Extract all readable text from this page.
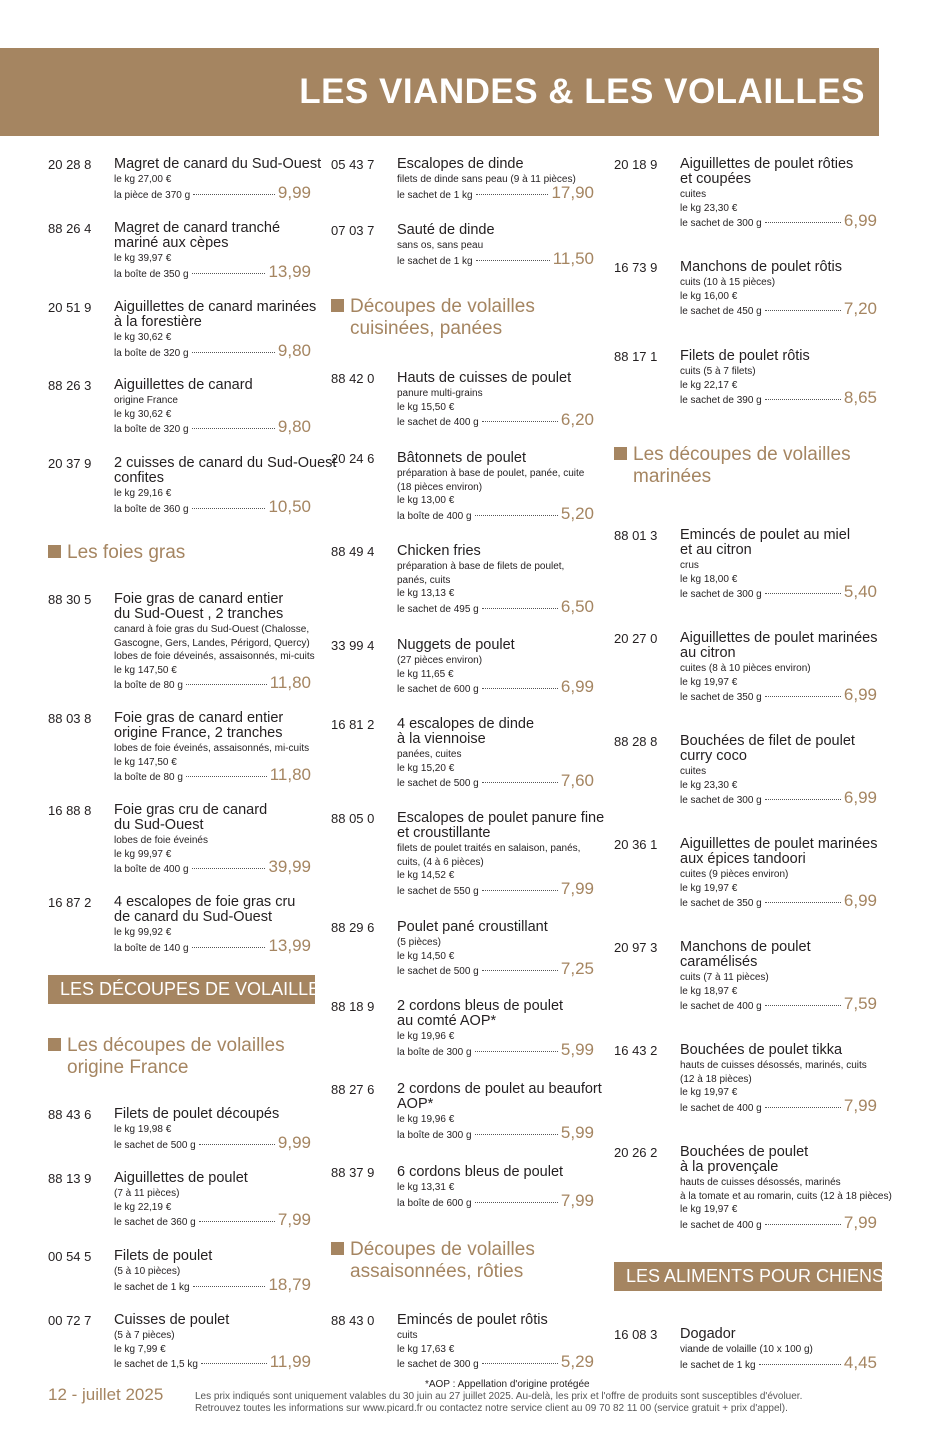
LES VIANDES & LES VOLAILLES
20 28 8 Magret de canard du Sud-Ouest
le kg 27,00 €
la pièce de 370 g	9,99
88 26 4 Magret de canard tranché
mariné aux cèpes
le kg 39,97 €
la boîte de 350 g	13,99
20 51 9 Aiguillettes de canard marinées
à la forestière
le kg 30,62 €
la boîte de 320 g	9,80
88 26 3 Aiguillettes de canard
origine France
le kg 30,62 €
la boîte de 320 g	9,80
20 37 9 2 cuisses de canard du Sud-Ouest
confites
le kg 29,16 €
la boîte de 360 g	10,50
Les foies gras
88 30 5 Foie gras de canard entier
du Sud-Ouest , 2 tranches
canard à foie gras du Sud-Ouest (Chalosse,
Gascogne, Gers, Landes, Périgord, Quercy)
lobes de foie déveinés, assaisonnés, mi-cuits
le kg 147,50 €
la boîte de 80 g	11,80
88 03 8 Foie gras de canard entier
origine France, 2 tranches
lobes de foie éveinés, assaisonnés, mi-cuits
le kg 147,50 €
la boîte de 80 g	11,80
16 88 8 Foie gras cru de canard
du Sud-Ouest
lobes de foie éveinés
le kg 99,97 €
la boîte de 400 g	39,99
16 87 2 4 escalopes de foie gras cru
de canard du Sud-Ouest
le kg 99,92 €
la boîte de 140 g	13,99
LES DÉCOUPES DE VOLAILLES
Les découpes de volailles
origine France
88 43 6 Filets de poulet découpés
le kg 19,98 €
le sachet de 500 g	9,99
88 13 9 Aiguillettes de poulet
(7 à 11 pièces)
le kg 22,19 €
le sachet de 360 g	7,99
00 54 5 Filets de poulet
(5 à 10 pièces)
le sachet de 1 kg	18,79
00 72 7 Cuisses de poulet
(5 à 7 pièces)
le kg 7,99 €
le sachet de 1,5 kg	11,99
05 43 7 Escalopes de dinde
filets de dinde sans peau (9 à 11 pièces)
le sachet de 1 kg	17,90
07 03 7 Sauté de dinde
sans os, sans peau
le sachet de 1 kg	11,50
Découpes de volailles
cuisinées, panées
88 42 0 Hauts de cuisses de poulet
panure multi-grains
le kg 15,50 €
le sachet de 400 g	6,20
20 24 6 Bâtonnets de poulet
préparation à base de poulet, panée, cuite
(18 pièces environ)
le kg 13,00 €
la boîte de 400 g	5,20
88 49 4 Chicken fries
préparation à base de filets de poulet,
panés, cuits
le kg 13,13 €
le sachet de 495 g	6,50
33 99 4 Nuggets de poulet
(27 pièces environ)
le kg 11,65 €
le sachet de 600 g	6,99
16 81 2 4 escalopes de dinde
à la viennoise
panées, cuites
le kg 15,20 €
le sachet de 500 g	7,60
88 05 0 Escalopes de poulet panure fine
et croustillante
filets de poulet traités en salaison, panés,
cuits, (4 à 6 pièces)
le kg 14,52 €
le sachet de 550 g	7,99
88 29 6 Poulet pané croustillant
(5 pièces)
le kg 14,50 €
le sachet de 500 g	7,25
88 18 9 2 cordons bleus de poulet
au comté AOP*
le kg 19,96 €
la boîte de 300 g	5,99
88 27 6 2 cordons de poulet au beaufort
AOP*
le kg 19,96 €
la boîte de 300 g	5,99
88 37 9 6 cordons bleus de poulet
le kg 13,31 €
la boîte de 600 g	7,99
Découpes de volailles
assaisonnées, rôties
88 43 0 Emincés de poulet rôtis
cuits
le kg 17,63 €
le sachet de 300 g	5,29
20 18 9 Aiguillettes de poulet rôties
et coupées
cuites
le kg 23,30 €
le sachet de 300 g	6,99
16 73 9 Manchons de poulet rôtis
cuits (10 à 15 pièces)
le kg 16,00 €
le sachet de 450 g	7,20
88 17 1 Filets de poulet rôtis
cuits (5 à 7 filets)
le kg 22,17 €
le sachet de 390 g	8,65
Les découpes de volailles
marinées
88 01 3 Emincés de poulet au miel
et au citron
crus
le kg 18,00 €
le sachet de 300 g	5,40
20 27 0 Aiguillettes de poulet marinées
au citron
cuites (8 à 10 pièces environ)
le kg 19,97 €
le sachet de 350 g	6,99
88 28 8 Bouchées de filet de poulet
curry coco
cuites
le kg 23,30 €
le sachet de 300 g	6,99
20 36 1 Aiguillettes de poulet marinées
aux épices tandoori
cuites (9 pièces environ)
le kg 19,97 €
le sachet de 350 g	6,99
20 97 3 Manchons de poulet
caramélisés
cuits (7 à 11 pièces)
le kg 18,97 €
le sachet de 400 g	7,59
16 43 2 Bouchées de poulet tikka
hauts de cuisses désossés, marinés, cuits
(12 à 18 pièces)
le kg 19,97 €
le sachet de 400 g	7,99
20 26 2 Bouchées de poulet
à la provençale
hauts de cuisses désossés, marinés
à la tomate et au romarin, cuits (12 à 18 pièces)
le kg 19,97 €
le sachet de 400 g	7,99
LES ALIMENTS POUR CHIENS
16 08 3 Dogador
viande de volaille (10 x 100 g)
le sachet de 1 kg	4,45
12 - juillet 2025
*AOP : Appellation d'origine protégée
Les prix indiqués sont uniquement valables du 30 juin au 27 juillet 2025. Au-delà, les prix et l'offre de produits sont susceptibles d'évoluer.
Retrouvez toutes les informations sur www.picard.fr ou contactez notre service client au 09 70 82 11 00 (service gratuit + prix d'appel).
